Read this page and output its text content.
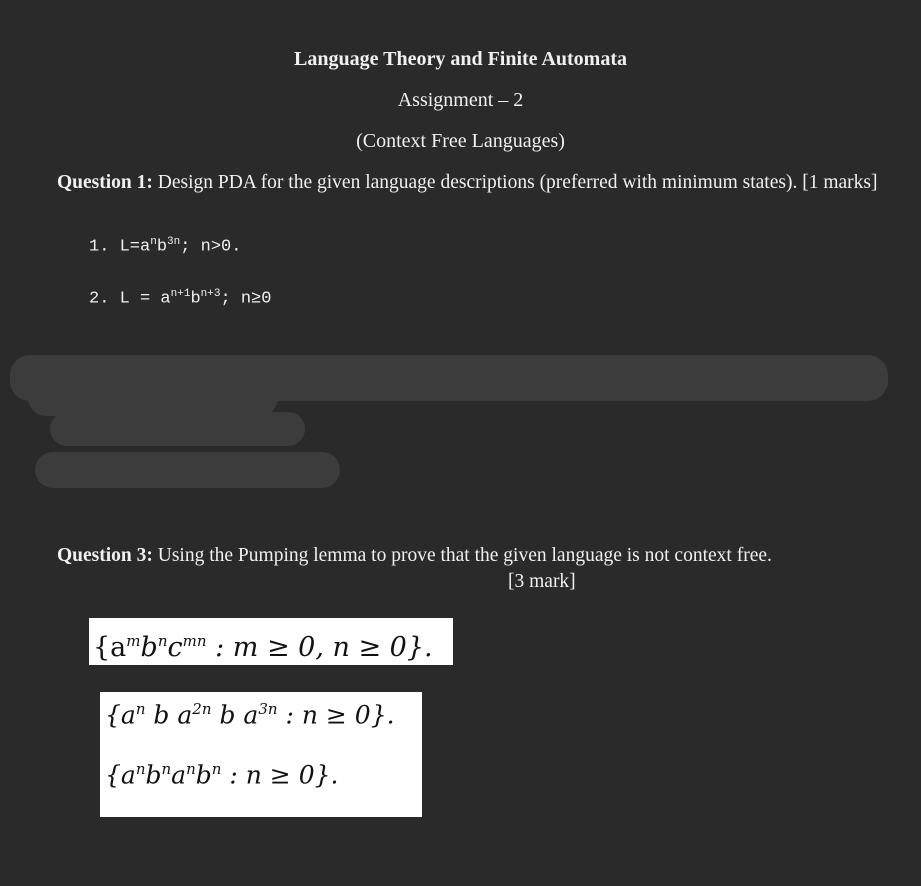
Language Theory and Finite Automata
Assignment – 2
(Context Free Languages)
Question 1: Design PDA for the given language descriptions (preferred with minimum states). [1 marks]
1. $L=a^nb^{3n}$; n>0.
2. $L = a^{n+1}b^{n+3}$; n≥0
Question 3: Using the Pumping lemma to prove that the given language is not context free.
[3 mark]
{$a^mb^nc^{mn}$ : m ≥ 0, n ≥ 0}.
{$a^n$ b $a^{2n}$ b $a^{3n}$ : n ≥ 0}.
{$a^nb^na^nb^n$ : n ≥ 0}.
